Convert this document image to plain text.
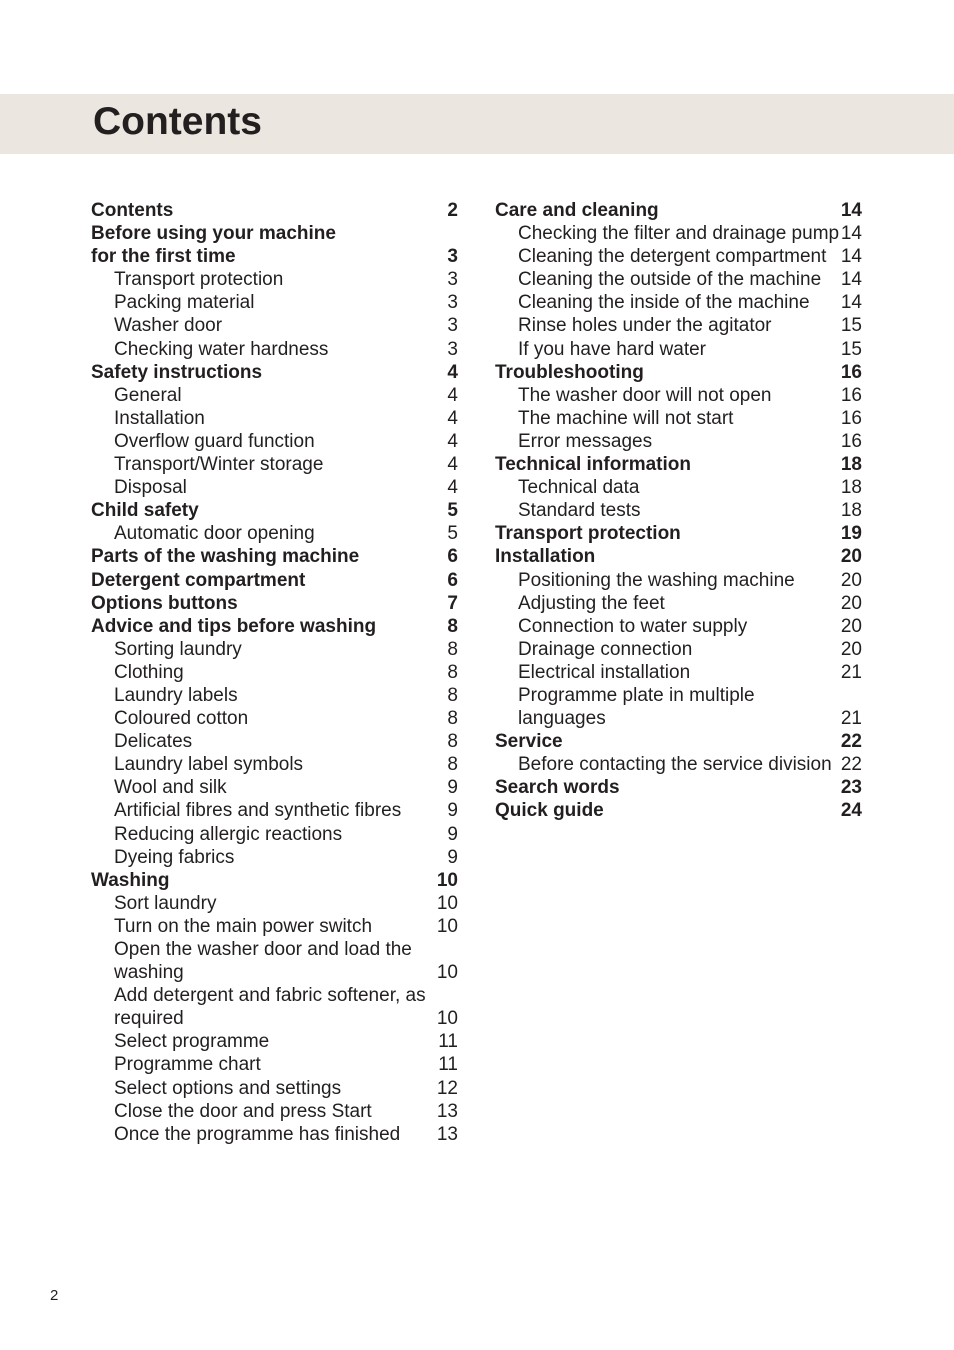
Contents
Contents	2
Before using your machine
for the first time	3
Transport protection	3
Packing material	3
Washer door	3
Checking water hardness	3
Safety instructions	4
General	4
Installation	4
Overflow guard function	4
Transport/Winter storage	4
Disposal	4
Child safety	5
Automatic door opening	5
Parts of the washing machine	6
Detergent compartment	6
Options buttons	7
Advice and tips before washing	8
Sorting laundry	8
Clothing	8
Laundry labels	8
Coloured cotton	8
Delicates	8
Laundry label symbols	8
Wool and silk	9
Artificial fibres and synthetic fibres 9
Reducing allergic reactions	9
Dyeing fabrics	9
Washing	10
Sort laundry	10
Turn on the main power switch	10
Open the washer door and load the
washing	10
Add detergent and fabric softener, as
required	10
Select programme	11
Programme chart	11
Select options and settings	12
Close the door and press Start	13
Once the programme has finished 13
Care and cleaning	14
Checking the filter and drainage pump 14
Cleaning the detergent compartment 14
Cleaning the outside of the machine 14
Cleaning the inside of the machine 14
Rinse holes under the agitator	15
If you have hard water	15
Troubleshooting	16
The washer door will not open	16
The machine will not start	16
Error messages	16
Technical information	18
Technical data	18
Standard tests	18
Transport protection	19
Installation	20
Positioning the washing machine 20
Adjusting the feet	20
Connection to water supply	20
Drainage connection	20
Electrical installation	21
Programme plate in multiple
languages	21
Service	22
Before contacting the service division 22
Search words	23
Quick guide	24
2
